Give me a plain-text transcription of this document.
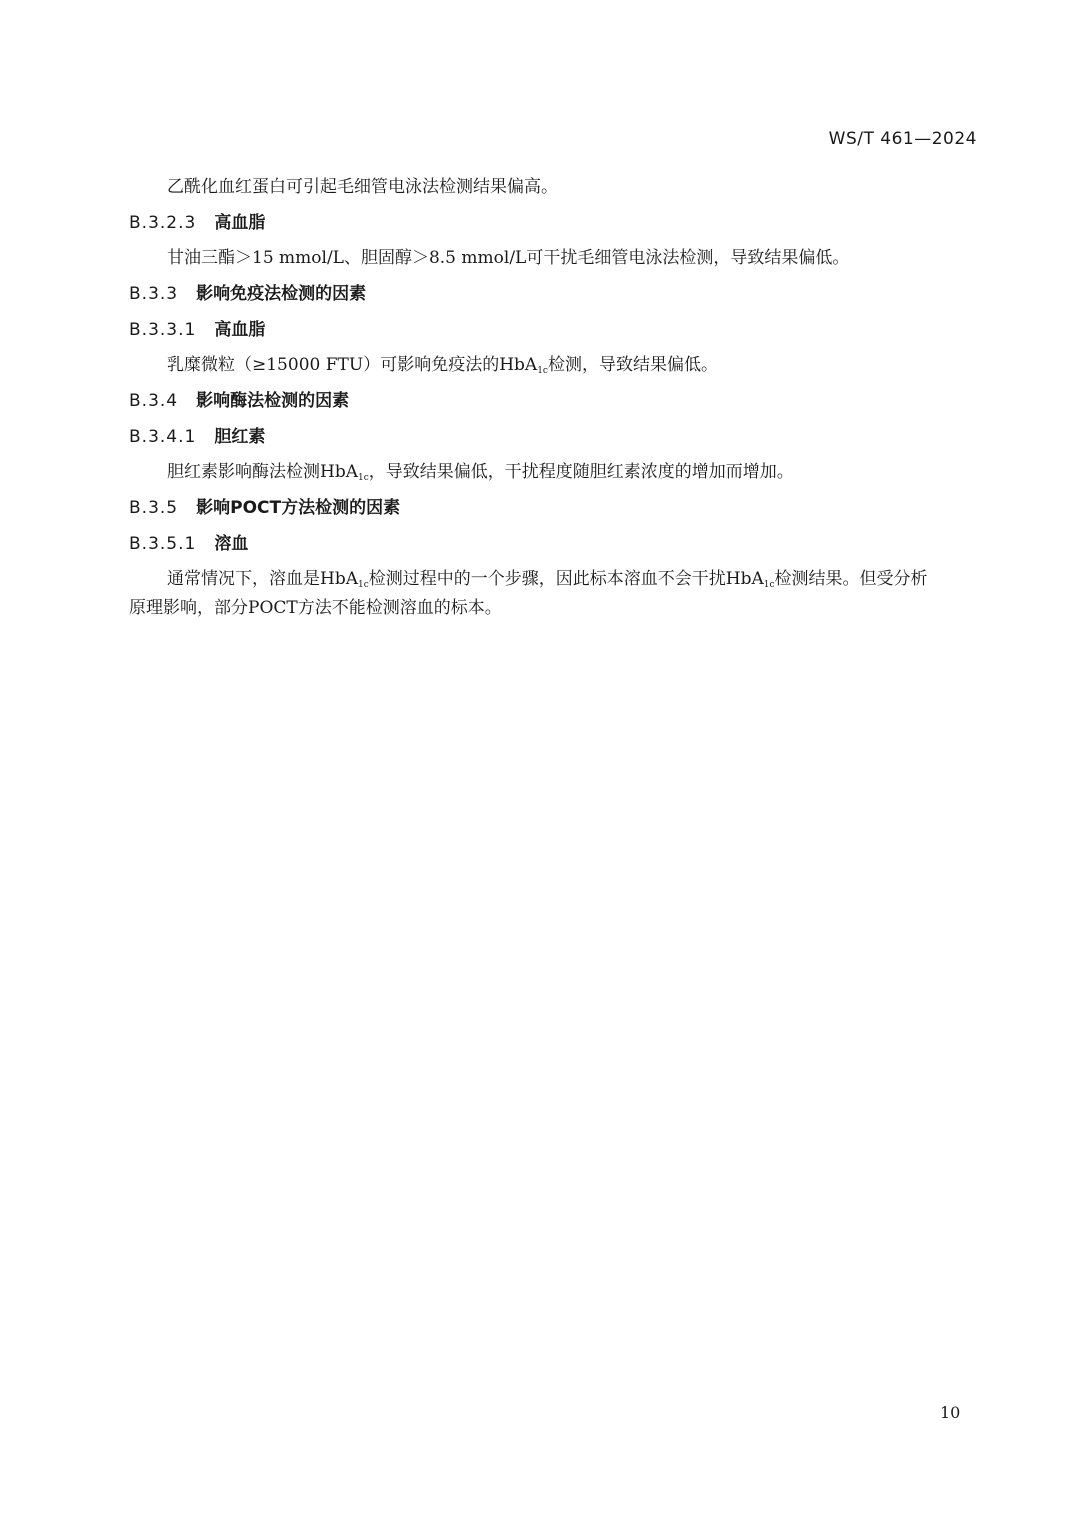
WS/T 461—2024
乙酰化血红蛋白可引起毛细管电泳法检测结果偏高。
B.3.2.3 高血脂
甘油三酯＞15 mmol/L、胆固醇＞8.5 mmol/L可干扰毛细管电泳法检测，导致结果偏低。
B.3.3 影响免疫法检测的因素
B.3.3.1 高血脂
乳糜微粒（≥15000 FTU）可影响免疫法的HbA$_{1c}$检测，导致结果偏低。
B.3.4 影响酶法检测的因素
B.3.4.1 胆红素
胆红素影响酶法检测HbA$_{1c}$，导致结果偏低，干扰程度随胆红素浓度的增加而增加。
B.3.5 影响POCT方法检测的因素
B.3.5.1 溶血
通常情况下，溶血是HbA$_{1c}$检测过程中的一个步骤，因此标本溶血不会干扰HbA$_{1c}$检测结果。但受分析
原理影响，部分POCT方法不能检测溶血的标本。
10
